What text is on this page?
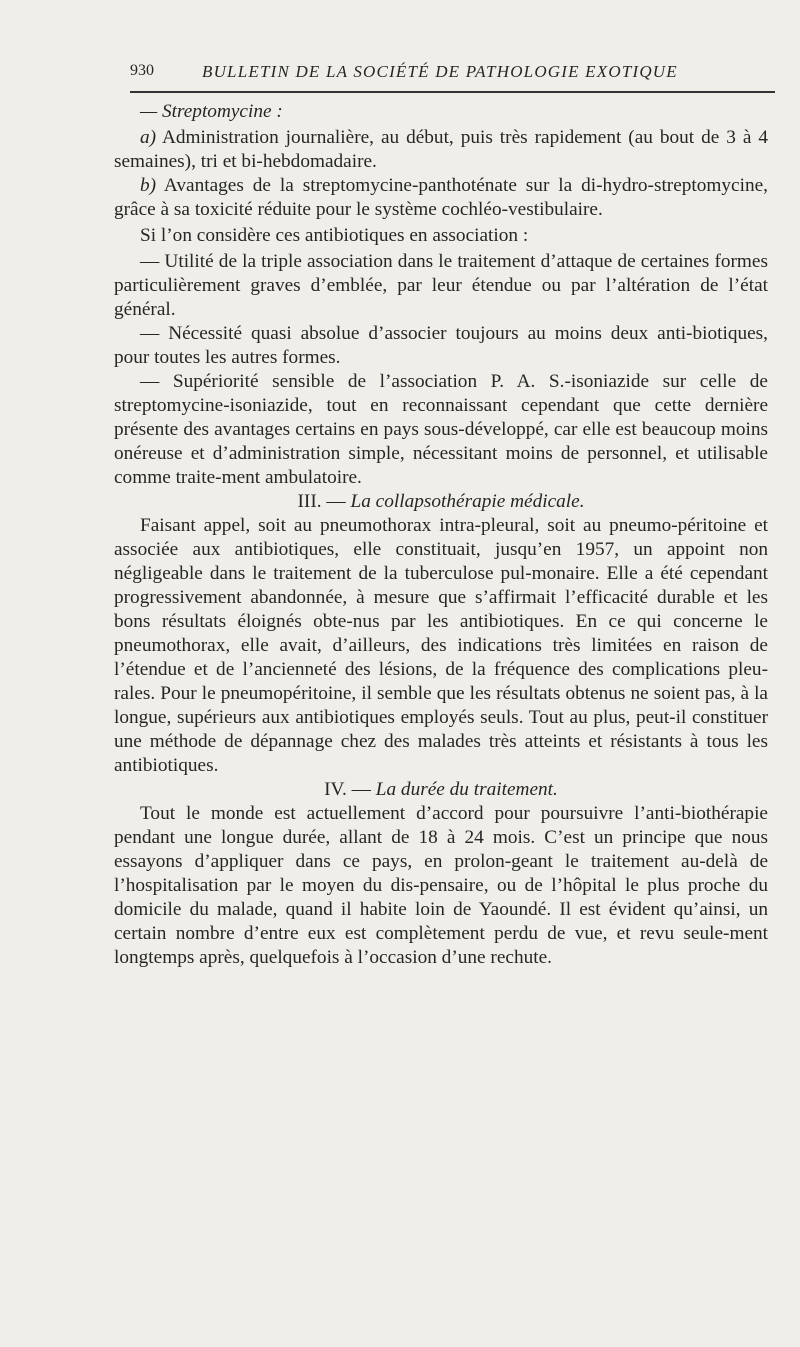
930	BULLETIN DE LA SOCIÉTÉ DE PATHOLOGIE EXOTIQUE

— Streptomycine :

a) Administration journalière, au début, puis très rapidement (au bout de 3 à 4 semaines), tri et bi-hebdomadaire.

b) Avantages de la streptomycine-panthoténate sur la di-hydro-streptomycine, grâce à sa toxicité réduite pour le système cochléo-vestibulaire.

Si l’on considère ces antibiotiques en association :

— Utilité de la triple association dans le traitement d’attaque de certaines formes particulièrement graves d’emblée, par leur étendue ou par l’altération de l’état général.

— Nécessité quasi absolue d’associer toujours au moins deux anti-biotiques, pour toutes les autres formes.

— Supériorité sensible de l’association P. A. S.-isoniazide sur celle de streptomycine-isoniazide, tout en reconnaissant cependant que cette dernière présente des avantages certains en pays sous-développé, car elle est beaucoup moins onéreuse et d’administration simple, nécessitant moins de personnel, et utilisable comme traite-ment ambulatoire.

III. — La collapsothérapie médicale.

Faisant appel, soit au pneumothorax intra-pleural, soit au pneumo-péritoine et associée aux antibiotiques, elle constituait, jusqu’en 1957, un appoint non négligeable dans le traitement de la tuberculose pul-monaire. Elle a été cependant progressivement abandonnée, à mesure que s’affirmait l’efficacité durable et les bons résultats éloignés obte-nus par les antibiotiques. En ce qui concerne le pneumothorax, elle avait, d’ailleurs, des indications très limitées en raison de l’étendue et de l’ancienneté des lésions, de la fréquence des complications pleu-rales. Pour le pneumopéritoine, il semble que les résultats obtenus ne soient pas, à la longue, supérieurs aux antibiotiques employés seuls. Tout au plus, peut-il constituer une méthode de dépannage chez des malades très atteints et résistants à tous les antibiotiques.

IV. — La durée du traitement.

Tout le monde est actuellement d’accord pour poursuivre l’anti-biothérapie pendant une longue durée, allant de 18 à 24 mois. C’est un principe que nous essayons d’appliquer dans ce pays, en prolon-geant le traitement au-delà de l’hospitalisation par le moyen du dis-pensaire, ou de l’hôpital le plus proche du domicile du malade, quand il habite loin de Yaoundé. Il est évident qu’ainsi, un certain nombre d’entre eux est complètement perdu de vue, et revu seule-ment longtemps après, quelquefois à l’occasion d’une rechute.
